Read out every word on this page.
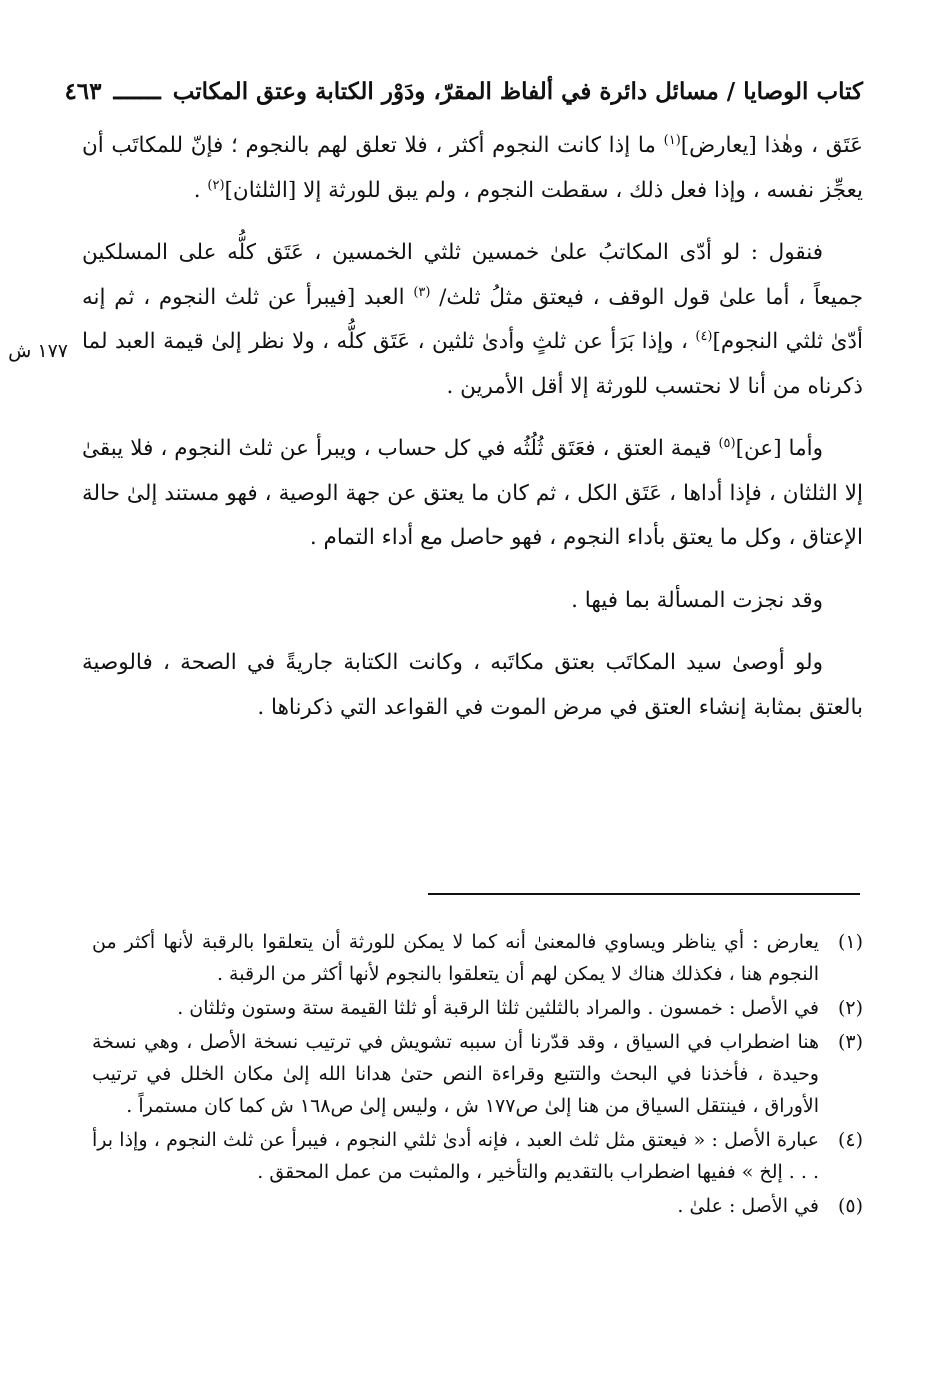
كتاب الوصايا / مسائل دائرة في ألفاظ المقرّ، ودَوْر الكتابة وعتق المكاتب
ـــــــ
٤٦٣
١٧٧ ش

عَتَق ، وهٰذا [يعارض]$^{(١)}$ ما إذا كانت النجوم أكثر ، فلا تعلق لهم بالنجوم ؛ فإنّ للمكاتَب أن يعجِّز نفسه ، وإذا فعل ذلك ، سقطت النجوم ، ولم يبق للورثة إلا [الثلثان]$^{(٢)}$ .

فنقول : لو أدّى المكاتبُ علىٰ خمسين ثلثي الخمسين ، عَتَق كلُّه على المسلكين جميعاً ، أما علىٰ قول الوقف ، فيعتق مثلُ ثلث/ $^{(٣)}$ العبد [فيبرأ عن ثلث النجوم ، ثم إنه أدّىٰ ثلثي النجوم]$^{(٤)}$ ، وإذا بَرَأ عن ثلثٍ وأدىٰ ثلثين ، عَتَق كلُّه ، ولا نظر إلىٰ قيمة العبد لما ذكرناه من أنا لا نحتسب للورثة إلا أقل الأمرين .

وأما [عن]$^{(٥)}$ قيمة العتق ، فعَتَق ثُلُثُه في كل حساب ، ويبرأ عن ثلث النجوم ، فلا يبقىٰ إلا الثلثان ، فإذا أداها ، عَتَق الكل ، ثم كان ما يعتق عن جهة الوصية ، فهو مستند إلىٰ حالة الإعتاق ، وكل ما يعتق بأداء النجوم ، فهو حاصل مع أداء التمام .

وقد نجزت المسألة بما فيها .

ولو أوصىٰ سيد المكاتَب بعتق مكاتَبه ، وكانت الكتابة جاريةً في الصحة ، فالوصية بالعتق بمثابة إنشاء العتق في مرض الموت في القواعد التي ذكرناها .

(١)
يعارض : أي يناظر ويساوي فالمعنىٰ أنه كما لا يمكن للورثة أن يتعلقوا بالرقبة لأنها أكثر من النجوم هنا ، فكذلك هناك لا يمكن لهم أن يتعلقوا بالنجوم لأنها أكثر من الرقبة .
(٢)
في الأصل : خمسون . والمراد بالثلثين ثلثا الرقبة أو ثلثا القيمة ستة وستون وثلثان .
(٣)
هنا اضطراب في السياق ، وقد قدّرنا أن سببه تشويش في ترتيب نسخة الأصل ، وهي نسخة وحيدة ، فأخذنا في البحث والتتبع وقراءة النص حتىٰ هدانا الله إلىٰ مكان الخلل في ترتيب الأوراق ، فينتقل السياق من هنا إلىٰ ص١٧٧ ش ، وليس إلىٰ ص١٦٨ ش كما كان مستمراً .
(٤)
عبارة الأصل : « فيعتق مثل ثلث العبد ، فإنه أدىٰ ثلثي النجوم ، فيبرأ عن ثلث النجوم ، وإذا برأ . . . إلخ » ففيها اضطراب بالتقديم والتأخير ، والمثبت من عمل المحقق .
(٥)
في الأصل : علىٰ .
